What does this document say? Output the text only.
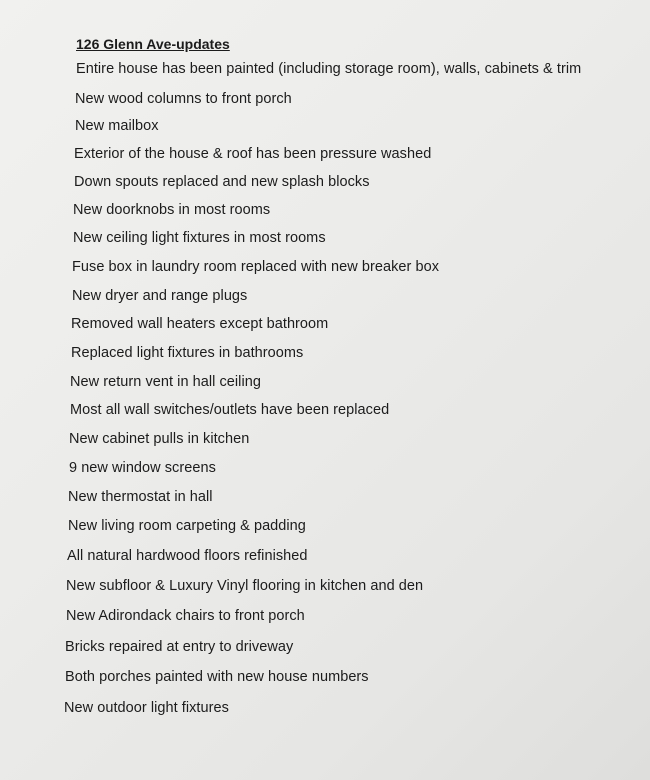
126 Glenn Ave-updates
Entire house has been painted (including storage room), walls, cabinets & trim
New wood columns to front porch
New mailbox
Exterior of the house & roof has been pressure washed
Down spouts replaced and new splash blocks
New doorknobs in most rooms
New ceiling light fixtures in most rooms
Fuse box in laundry room replaced with new breaker box
New dryer and range plugs
Removed wall heaters except bathroom
Replaced light fixtures in bathrooms
New return vent in hall ceiling
Most all wall switches/outlets have been replaced
New cabinet pulls in kitchen
9 new window screens
New thermostat in hall
New living room carpeting & padding
All natural hardwood floors refinished
New subfloor & Luxury Vinyl flooring in kitchen and den
New Adirondack chairs to front porch
Bricks repaired at entry to driveway
Both porches painted with new house numbers
New outdoor light fixtures
